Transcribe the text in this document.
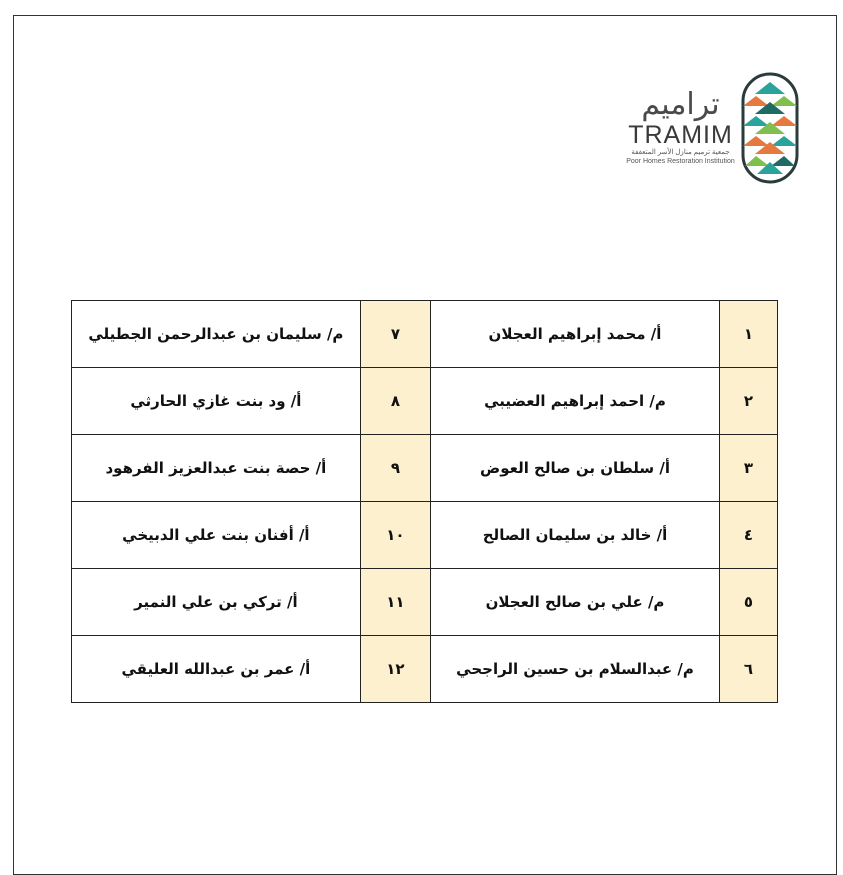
ترامیم
TRAMIM
جمعية ترميم منازل الأسر المتعففة
Poor Homes Restoration Institution
١	أ/ محمد إبراهيم العجلان	٧	م/ سليمان بن عبدالرحمن الجطيلي
٢	م/ احمد إبراهيم العضيبي	٨	أ/ ود بنت غازي الحارثي
٣	أ/ سلطان بن صالح العوض	٩	أ/ حصة بنت عبدالعزيز الفرهود
٤	أ/ خالد بن سليمان الصالح	١٠	أ/ أفنان بنت علي الدبيخي
٥	م/ علي بن صالح العجلان	١١	أ/ تركي بن علي النمير
٦	م/ عبدالسلام بن حسين الراجحي	١٢	أ/ عمر بن عبدالله العليقي
